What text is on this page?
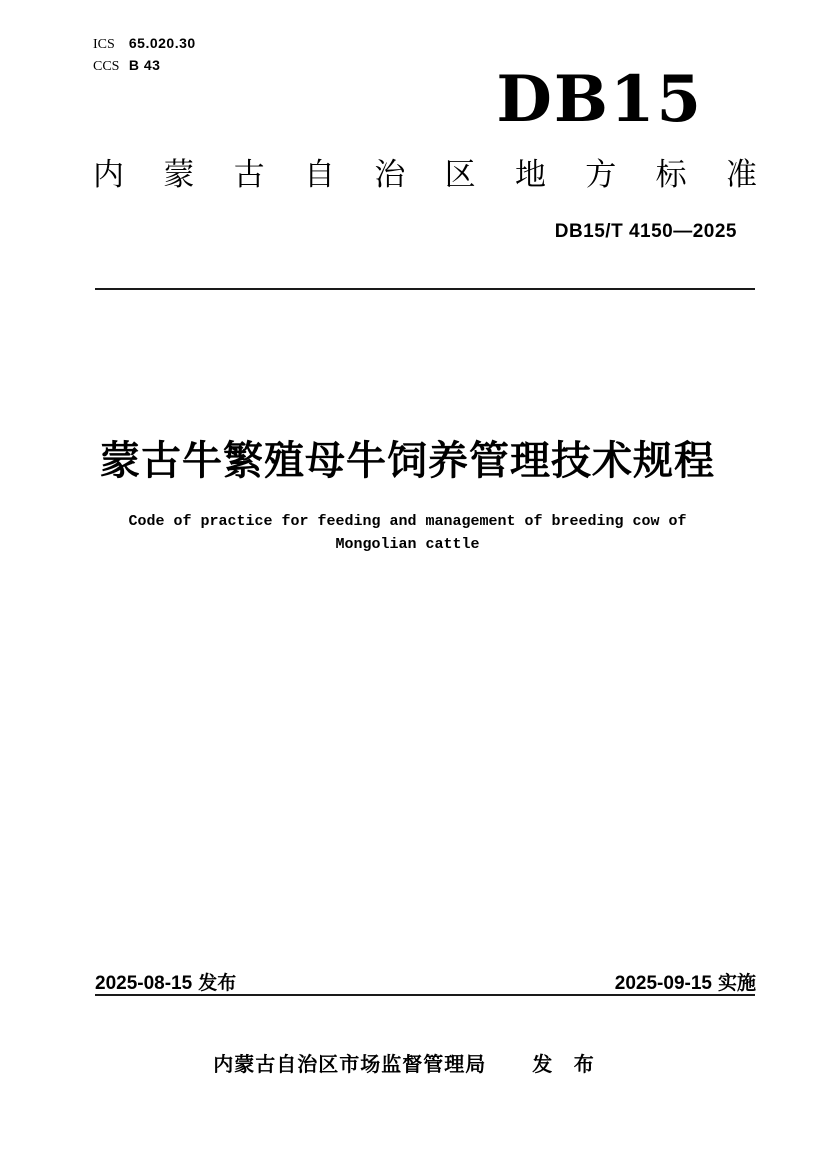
ICS 65.020.30
CCS B 43	DB15
内 蒙 古 自 治 区 地 方 标 准
DB15/T 4150—2025
蒙古牛繁殖母牛饲养管理技术规程
Code of practice for feeding and management of breeding cow of
Mongolian cattle
2025-08-15 发布	2025-09-15 实施
内蒙古自治区市场监督管理局 发 布
